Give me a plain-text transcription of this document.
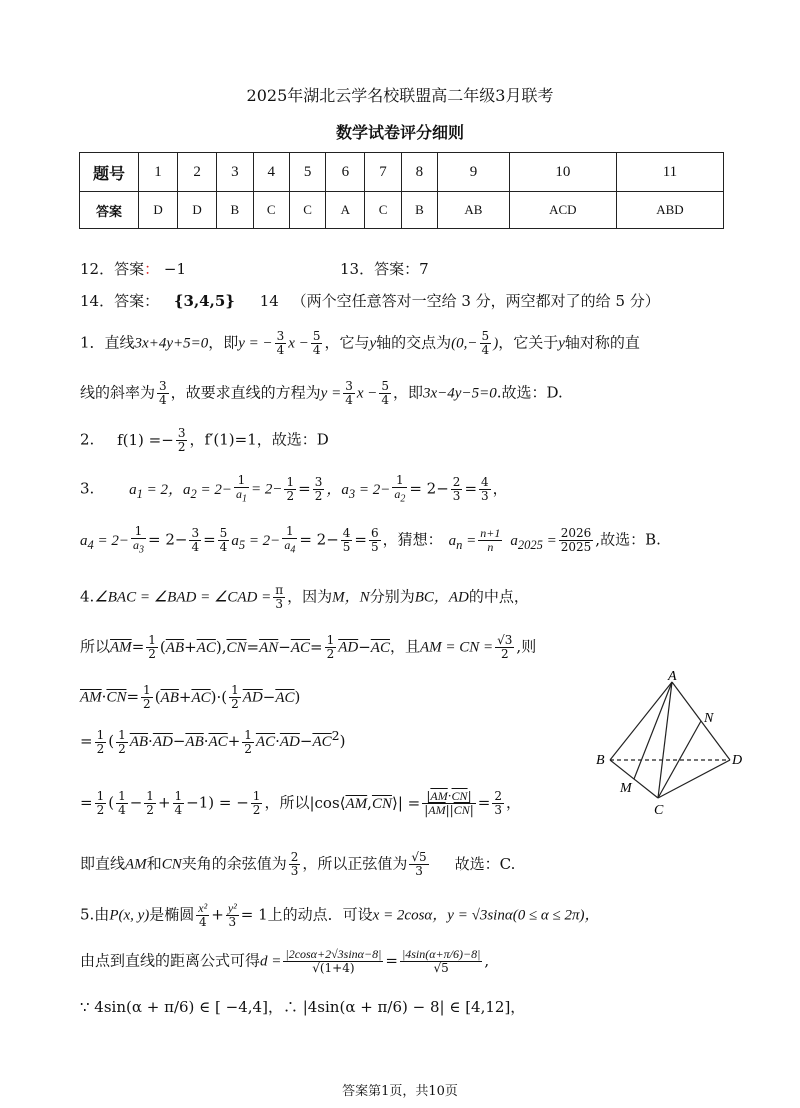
2025年湖北云学名校联盟高二年级3月联考
数学试卷评分细则
题号	1	2	3	4	5	6	7	8	9	10	11
答案	D	D	B	C	C	A	C	B	AB	ACD	ABD
12．答案： −1	13．答案：7
14．答案： {3,4,5} 14 （两个空任意答对一空给 3 分，两空都对了的给 5 分）
1．直线3x+4y+5=0，即y = − $\frac{3}{4}$ $x - \frac{5}{4}$ ，它与y轴的交点为($0,- \frac{5}{4}$ )，它关于y轴对称的直
线的斜率为 $\frac{3}{4}$ ，故要求直线的方程为$y = \frac{3}{4}$ $x - \frac{5}{4}$ ，即3x−4y−5=0.故选：D.
2. $f(1) =- \frac{3}{2}$ ，f′(1)=1，故选：D
3. $a_1 = 2$，$a_2 = 2- \frac{1}{a_1} = 2- \frac{1}{2} = \frac{3}{2}$ ，$a_3 = 2- \frac{1}{a_2} = 2- \frac{2}{3} = \frac{4}{3}$ ，
$a_4 = 2- \frac{1}{a_3} = 2- \frac{3}{4} = \frac{5}{4} a_5 = 2- \frac{1}{a_4} = 2- \frac{4}{5} = \frac{6}{5}$ ，猜想： $a_n = \frac{n+1}{n} a_{2025} = \frac{2026}{2025}$ ,故选：B.
4.∠BAC = ∠BAD = ∠CAD = $\frac{\pi}{3}$ ，因为M，N分别为BC，AD的中点，
所以$\overline{AM}= \frac{1}{2} (\overline{AB}+\overline{AC}),\overline{CN}=\overline{AN}-\overline{AC}= \frac{1}{2} \overline{AD}-\overline{AC}$，且AM = CN = $\frac{√3}{2}$ ,则
$\overline{AM}\cdot\overline{CN}= \frac{1}{2} (\overline{AB}+\overline{AC})\cdot( \frac{1}{2} \overline{AD}-\overline{AC})$
= $\frac{1}{2}$ ( $\frac{1}{2} \overline{AB}\cdot\overline{AD}-\overline{AB}\cdot\overline{AC}+ \frac{1}{2} \overline{AC}\cdot\overline{AD}-\overline{AC}^2$)
= $\frac{1}{2}$ ( $\frac{1}{4} - \frac{1}{2} + \frac{1}{4} -1$) = − $\frac{1}{2}$ ，所以$|\cos⟨\overline{AM},\overline{CN}⟩| = \frac{|\overline{AM}\cdot\overline{CN}|}{|\overline{AM}||\overline{CN}|} = \frac{2}{3}$ ，
即直线AM和CN夹角的余弦值为 $\frac{2}{3}$ ，所以正弦值为 $\frac{√5}{3}$ 故选：C.
5.由P(x, y)是椭圆 $\frac{\text{x²}}{4} + \frac{\text{y²}}{3} = 1$上的动点．可设x = 2cosα，y = √3sinα(0 ≤ α ≤ 2π)，
由点到直线的距离公式可得$d = \frac{|2\cos\alpha+2√3\sin\alpha-8|}{√(1+4)} = \frac{|4\sin(\alpha+\pi/6)-8|}{√5}$ ,
∵ 4sin(α + π/6) ∈ [ −4,4]，∴ |4sin(α + π/6) − 8| ∈ [4,12]，
A
N
B	D
M
C
答案第1页，共10页
